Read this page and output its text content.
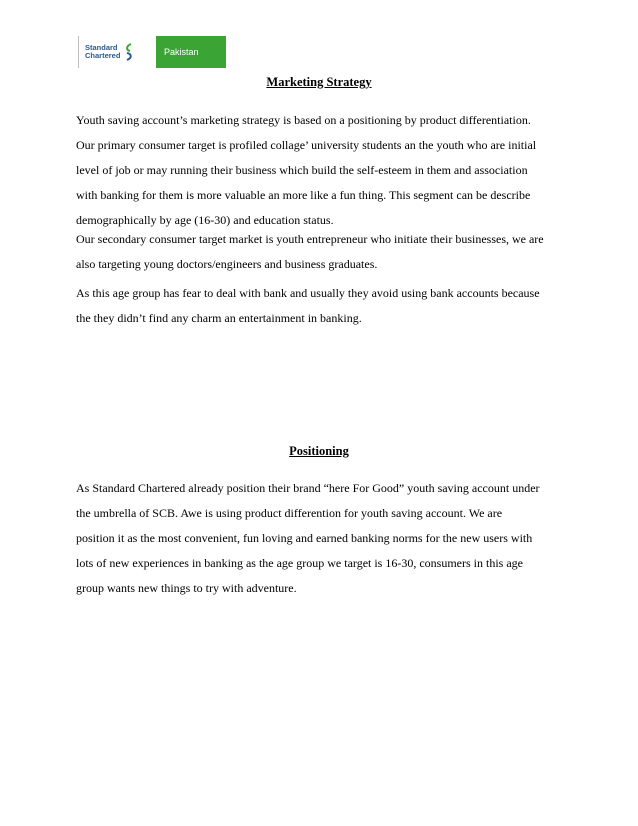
Standard
Chartered	Pakistan
Marketing Strategy

Youth saving account’s marketing strategy is based on a positioning by product differentiation.
Our primary consumer target is profiled collage’ university students an the youth who are initial
level of job or may running their business which build the self-esteem in them and association
with banking for them is more valuable an more like a fun thing. This segment can be describe
demographically by age (16-30) and education status.

Our secondary consumer target market is youth entrepreneur who initiate their businesses, we are
also targeting young doctors/engineers and business graduates.

As this age group has fear to deal with bank and usually they avoid using bank accounts because
the they didn’t find any charm an entertainment in banking.

Positioning

As Standard Chartered already position their brand “here For Good” youth saving account under
the umbrella of SCB. Awe is using product differention for youth saving account. We are
position it as the most convenient, fun loving and earned banking norms for the new users with
lots of new experiences in banking as the age group we target is 16-30, consumers in this age
group wants new things to try with adventure.
